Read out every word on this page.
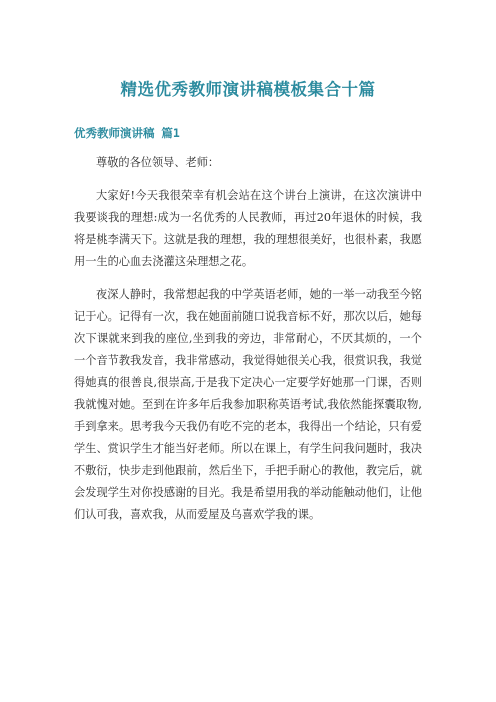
精选优秀教师演讲稿模板集合十篇
优秀教师演讲稿 篇1

尊敬的各位领导、老师：

大家好!今天我很荣幸有机会站在这个讲台上演讲，在这次演讲中我要谈我的理想:成为一名优秀的人民教师，再过20年退休的时候，我将是桃李满天下。这就是我的理想，我的理想很美好，也很朴素，我愿用一生的心血去浇灌这朵理想之花。

夜深人静时，我常想起我的中学英语老师，她的一举一动我至今铭记于心。记得有一次，我在她面前随口说我音标不好，那次以后，她每次下课就来到我的座位,坐到我的旁边，非常耐心，不厌其烦的，一个一个音节教我发音，我非常感动，我觉得她很关心我，很赏识我，我觉得她真的很善良,很崇高,于是我下定决心一定要学好她那一门课，否则我就愧对她。至到在许多年后我参加职称英语考试,我依然能探囊取物,手到拿来。思考我今天我仍有吃不完的老本，我得出一个结论，只有爱学生、赏识学生才能当好老师。所以在课上，有学生问我问题时，我决不敷衍，快步走到他跟前，然后坐下，手把手耐心的教他，教完后，就会发现学生对你投感谢的目光。我是希望用我的举动能触动他们，让他们认可我，喜欢我，从而爱屋及乌喜欢学我的课。
